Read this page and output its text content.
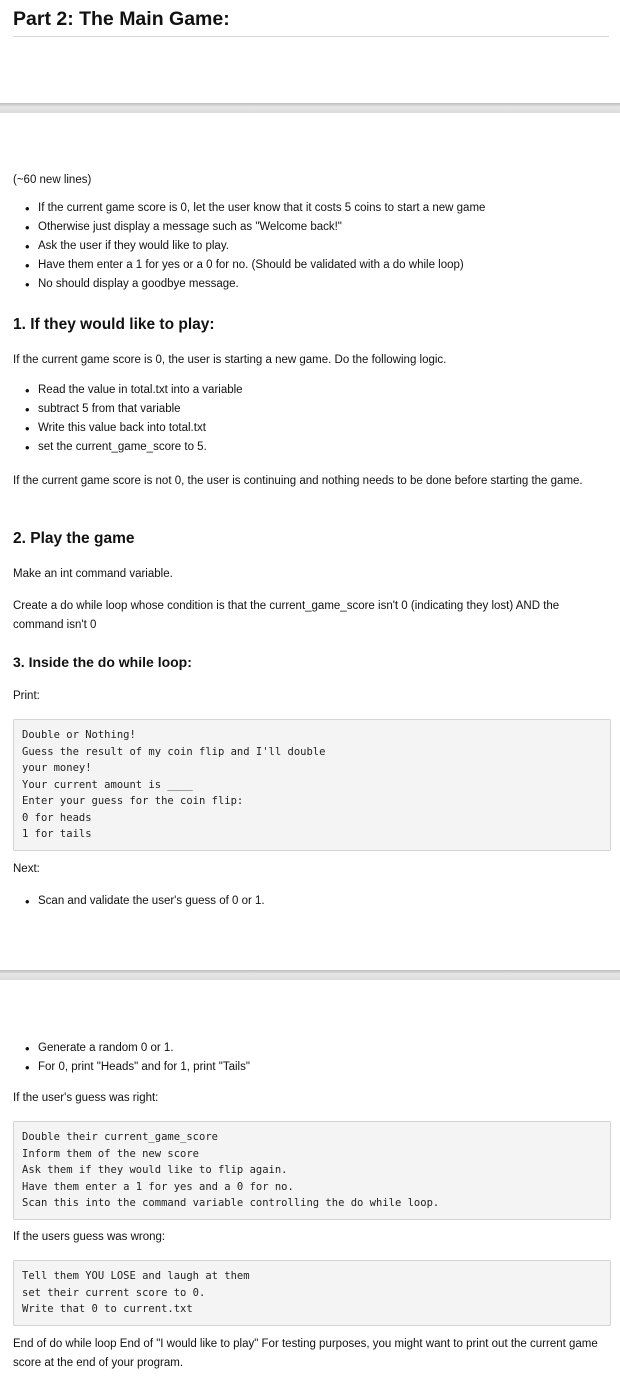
Part 2: The Main Game:

(~60 new lines)

• If the current game score is 0, let the user know that it costs 5 coins to start a new game
• Otherwise just display a message such as "Welcome back!"
• Ask the user if they would like to play.
• Have them enter a 1 for yes or a 0 for no. (Should be validated with a do while loop)
• No should display a goodbye message.
1. If they would like to play:

If the current game score is 0, the user is starting a new game. Do the following logic.

• Read the value in total.txt into a variable
• subtract 5 from that variable
• Write this value back into total.txt
• set the current_game_score to 5.

If the current game score is not 0, the user is continuing and nothing needs to be done before starting the game.

2. Play the game

Make an int command variable.

Create a do while loop whose condition is that the current_game_score isn't 0 (indicating they lost) AND the command isn't 0

3. Inside the do while loop:

Print:

Double or Nothing!
Guess the result of my coin flip and I'll double
your money!
Your current amount is ____
Enter your guess for the coin flip:
0 for heads
1 for tails

Next:

• Scan and validate the user's guess of 0 or 1.
• Generate a random 0 or 1.
• For 0, print "Heads" and for 1, print "Tails"

If the user's guess was right:

Double their current_game_score
Inform them of the new score
Ask them if they would like to flip again.
Have them enter a 1 for yes and a 0 for no.
Scan this into the command variable controlling the do while loop.

If the users guess was wrong:

Tell them YOU LOSE and laugh at them
set their current score to 0.
Write that 0 to current.txt

End of do while loop End of "I would like to play" For testing purposes, you might want to print out the current game score at the end of your program.
